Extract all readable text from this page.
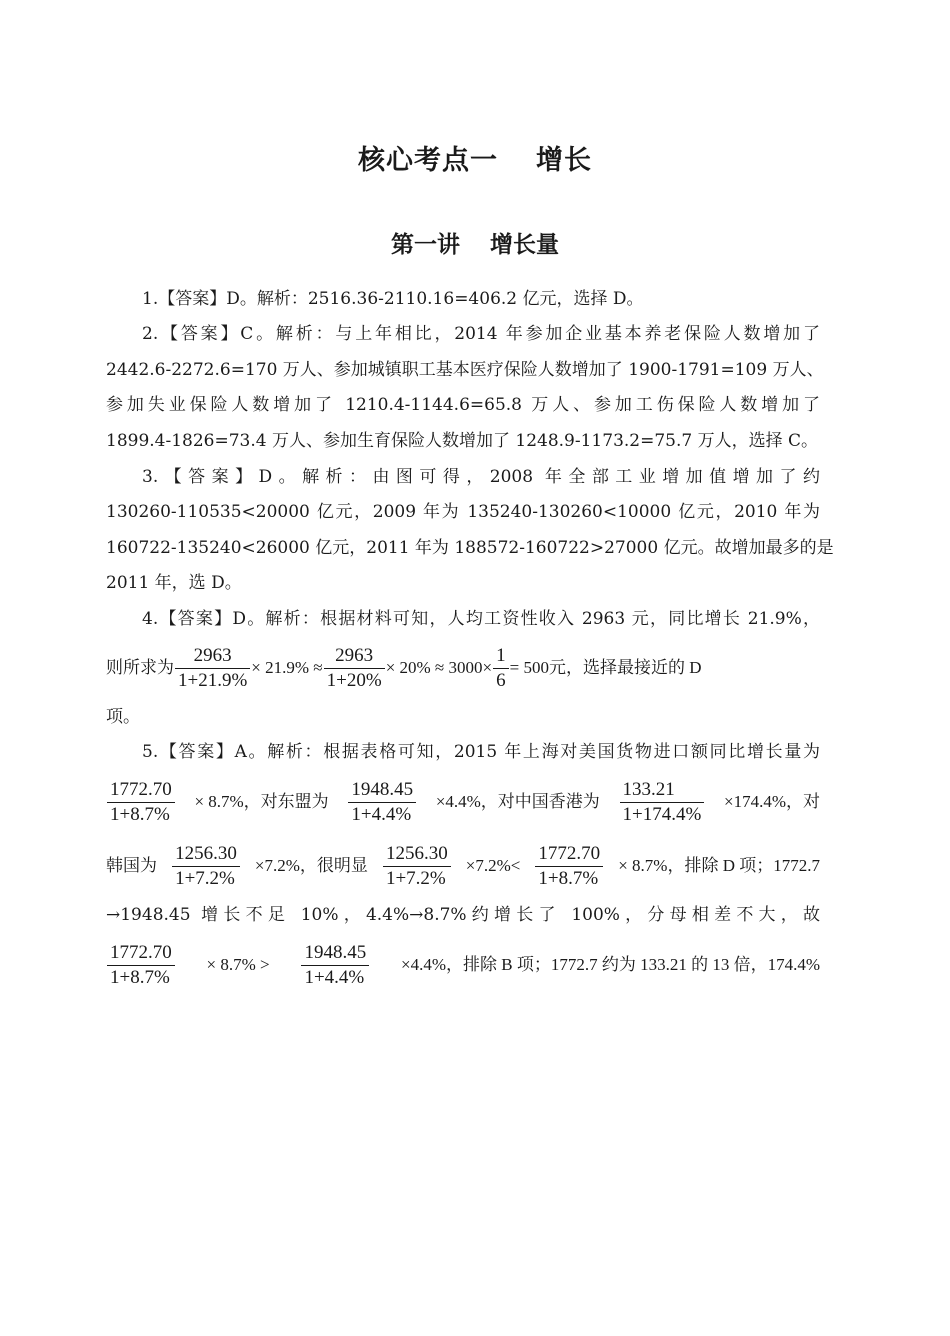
核心考点一 增长
第一讲 增长量
1.【答案】D。解析：2516.36-2110.16=406.2 亿元，选择 D。
2.【答案】C。解析：与上年相比，2014 年参加企业基本养老保险人数增加了
2442.6-2272.6=170 万人、参加城镇职工基本医疗保险人数增加了 1900-1791=109 万人、
参加失业保险人数增加了 1210.4-1144.6=65.8 万人、参加工伤保险人数增加了
1899.4-1826=73.4 万人、参加生育保险人数增加了 1248.9-1173.2=75.7 万人，选择 C。
3.【答案】D。解析：由图可得，2008 年全部工业增加值增加了约
130260-110535<20000 亿元，2009 年为 135240-130260<10000 亿元，2010 年为
160722-135240<26000 亿元，2011 年为 188572-160722>27000 亿元。故增加最多的是
2011 年，选 D。
4.【答案】D。解析：根据材料可知，人均工资性收入 2963 元，同比增长 21.9%，
则所求为 $\frac{2963}{1+21.9\%} \times 21.9\% \approx \frac{2963}{1+20\%} \times 20\% \approx 3000\times \frac{1}{6} = 500$元，选择最接近的 D
项。
5.【答案】A。解析：根据表格可知，2015 年上海对美国货物进口额同比增长量为
$\frac{1772.70}{1+8.7\%} \times 8.7\%$，对东盟为 $\frac{1948.45}{1+4.4\%} \times 4.4\%$，对中国香港为 $\frac{133.21}{1+174.4\%} \times 174.4\%$，对
韩国为 $\frac{1256.30}{1+7.2\%} \times 7.2\%$，很明显 $\frac{1256.30}{1+7.2\%} \times 7.2\%< \frac{1772.70}{1+8.7\%} \times 8.7\%$，排除 D 项；1772.7
→1948.45 增长不足 10%，4.4%→8.7%约增长了 100%，分母相差不大，故
$\frac{1772.70}{1+8.7\%} \times 8.7\% > \frac{1948.45}{1+4.4\%} \times 4.4\%$，排除 B 项；1772.7 约为 133.21 的 13 倍，174.4%
